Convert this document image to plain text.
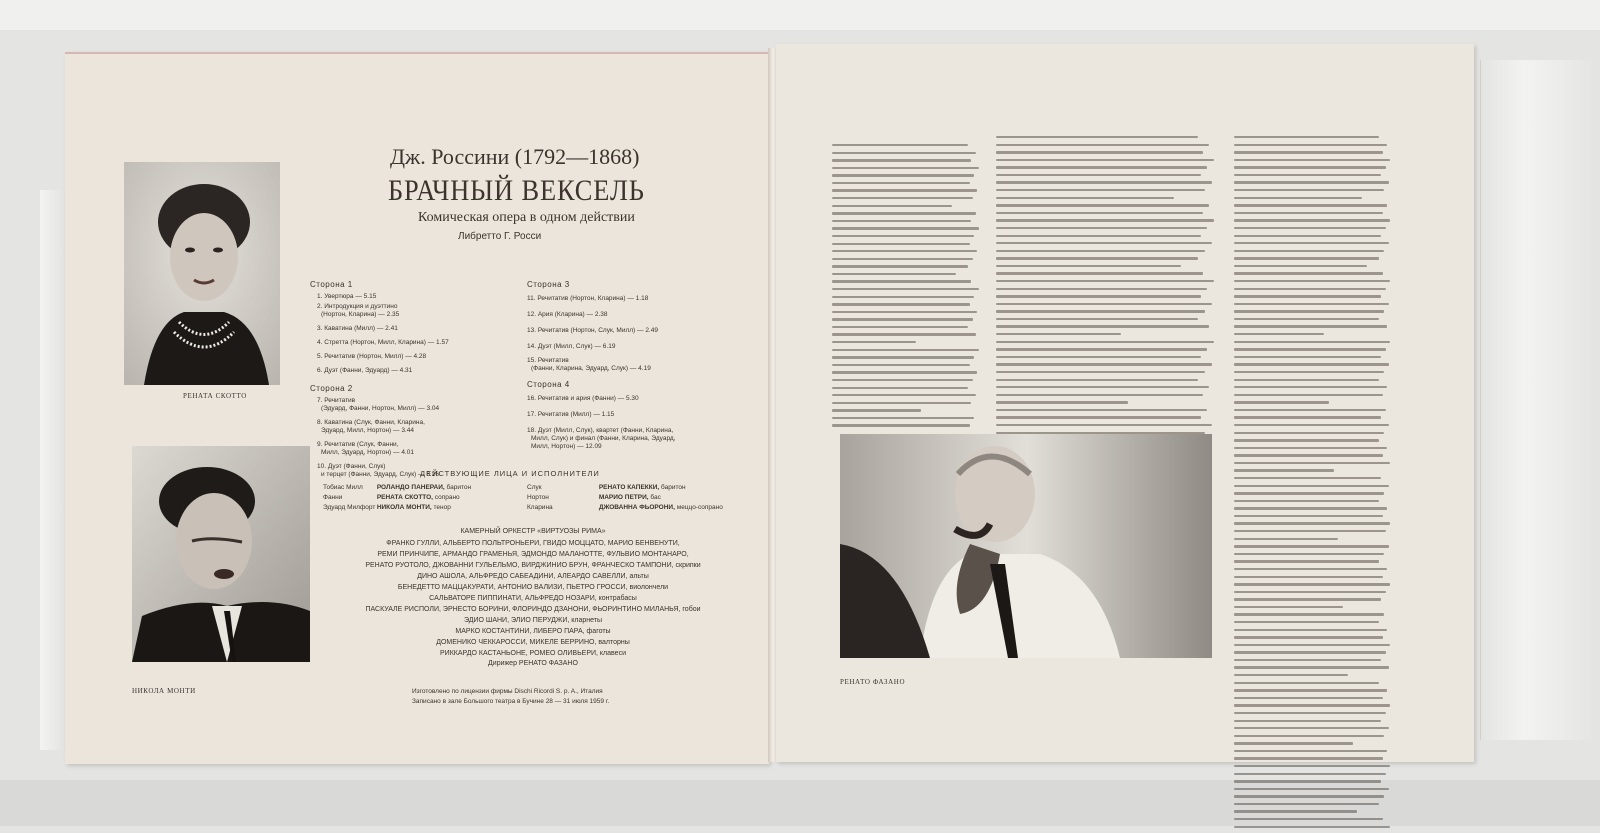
РЕНАТА СКОТТО
НИКОЛА МОНТИ
Дж. Россини (1792—1868)
БРАЧНЫЙ ВЕКСЕЛЬ
Комическая опера в одном действии
Либретто Г. Росси
Сторона 1
1. Увертюра — 5.15
2. Интродукция и дуэттино
(Нортон, Кларина) — 2.35
3. Каватина (Милл) — 2.41
4. Стретта (Нортон, Милл, Кларина) — 1.57
5. Речитатив (Нортон, Милл) — 4.28
6. Дуэт (Фанни, Эдуард) — 4.31
Сторона 2
7. Речитатив
(Эдуард, Фанни, Нортон, Милл) — 3.04
8. Каватина (Слук, Фанни, Кларина,
Эдуард, Милл, Нортон) — 3.44
9. Речитатив (Слук, Фанни,
Милл, Эдуард, Нортон) — 4.01
10. Дуэт (Фанни, Слук)
и терцет (Фанни, Эдуард, Слук) — 8.26
Сторона 3
11. Речитатив (Нортон, Кларина) — 1.18
12. Ария (Кларина) — 2.38
13. Речитатив (Нортон, Слук, Милл) — 2.49
14. Дуэт (Милл, Слук) — 6.19
15. Речитатив
(Фанни, Кларина, Эдуард, Слук) — 4.19
Сторона 4
16. Речитатив и ария (Фанни) — 5.30
17. Речитатив (Милл) — 1.15
18. Дуэт (Милл, Слук), квартет (Фанни, Кларина,
Милл, Слук) и финал (Фанни, Кларина, Эдуард,
Милл, Нортон) — 12.09
ДЕЙСТВУЮЩИЕ ЛИЦА И ИСПОЛНИТЕЛИ
Тобиас Милл РОЛАНДО ПАНЕРАИ, баритон
Фанни	РЕНАТА СКОТТО, сопрано
Эдуард Милфорт НИКОЛА МОНТИ, тенор
Слук	РЕНАТО КАПЕККИ, баритон
Нортон	МАРИО ПЕТРИ, бас
Кларина	ДЖОВАННА ФЬОРОНИ, меццо-сопрано
КАМЕРНЫЙ ОРКЕСТР «ВИРТУОЗЫ РИМА»
ФРАНКО ГУЛЛИ, АЛЬБЕРТО ПОЛЬТРОНЬЕРИ, ГВИДО МОЦЦАТО, МАРИО БЕНВЕНУТИ,
РЕМИ ПРИНЧИПЕ, АРМАНДО ГРАМЕНЬЯ, ЭДМОНДО МАЛАНОТТЕ, ФУЛЬВИО МОНТАНАРО,
РЕНАТО РУОТОЛО, ДЖОВАННИ ГУЛЬЕЛЬМО, ВИРДЖИНИО БРУН, ФРАНЧЕСКО ТАМПОНИ, скрипки
ДИНО АШОЛА, АЛЬФРЕДО САБЕАДИНИ, АЛЕАРДО САВЕЛЛИ, альты
БЕНЕДЕТТО МАЦЦАКУРАТИ, АНТОНИО ВАЛИЗИ, ПЬЕТРО ГРОССИ, виолончели
САЛЬВАТОРЕ ПИППИНАТИ, АЛЬФРЕДО НОЗАРИ, контрабасы
ПАСКУАЛЕ РИСПОЛИ, ЭРНЕСТО БОРИНИ, ФЛОРИНДО ДЗАНОНИ, ФЬОРИНТИНО МИЛАНЬЯ, гобои
ЭДИО ШАНИ, ЭЛИО ПЕРУДЖИ, кларнеты
МАРКО КОСТАНТИНИ, ЛИБЕРО ПАРА, фаготы
ДОМЕНИКО ЧЕККАРОССИ, МИКЕЛЕ БЕРРИНО, валторны
РИККАРДО КАСТАНЬОНЕ, РОМЕО ОЛИВЬЕРИ, клавеси
Дирижер РЕНАТО ФАЗАНО
Изготовлено по лицензии фирмы Dischi Ricordi S. p. A., Италия
Записано в зале Большого театра в Бучине 28 — 31 июля 1959 г.
РЕНАТО ФАЗАНО
